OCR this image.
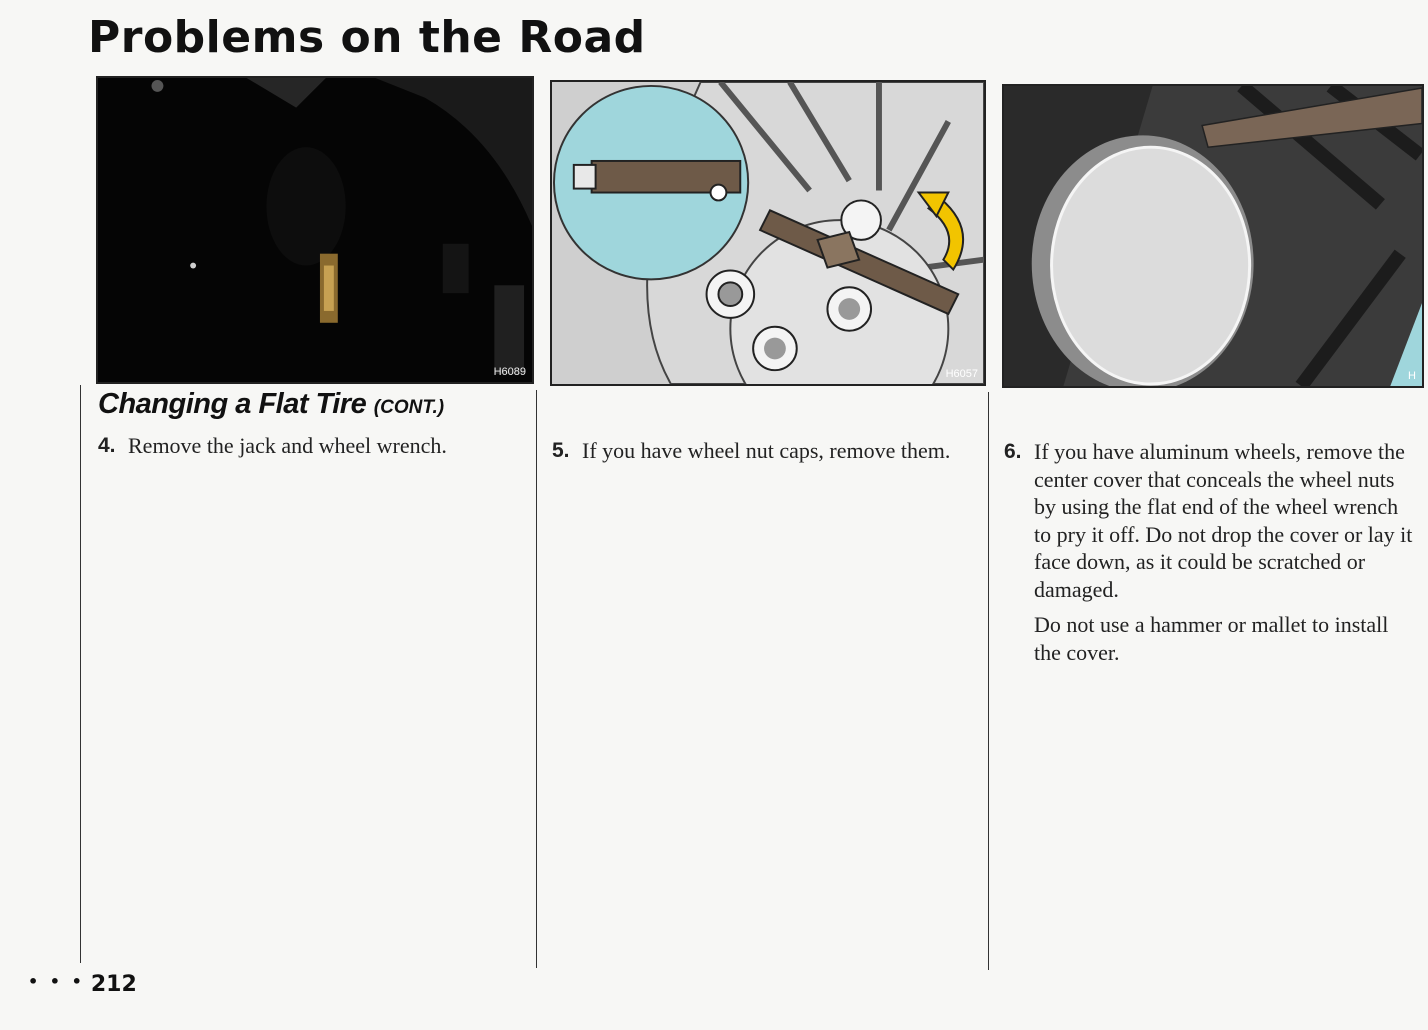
Problems on the Road
H6089	H6057	H
Changing a Flat Tire (CONT.)
4. Remove the jack and wheel wrench.	5. If you have wheel nut caps, remove them.	6. If you have aluminum wheels, remove the center cover that conceals the wheel nuts by using the flat end of the wheel wrench to pry it off. Do not drop the cover or lay it face down, as it could be scratched or damaged.

Do not use a hammer or mallet to install the cover.

• • • 212
